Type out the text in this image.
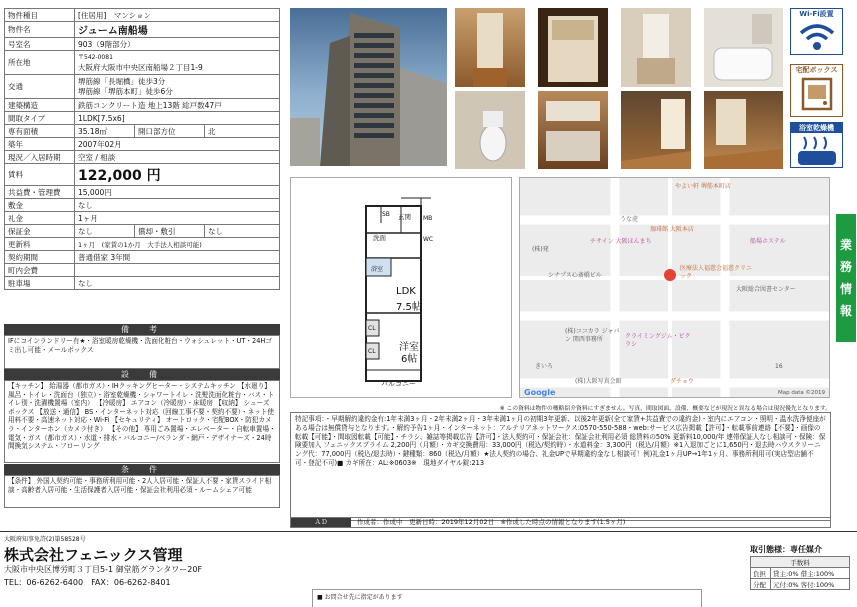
物件種目	[住居用]　マンション		
物件名	ジューム南船場		
号室名	903（9階部分）		
所在地	〒542-0081
大阪府大阪市中央区南船場２丁目1-9		

交通	堺筋線「長堀橋」徒歩3分
堺筋線「堺筋本町」徒歩6分		

建築構造	鉄筋コンクリート造 地上13階 総戸数47戸		
間取タイプ	1LDK[7.5x6]		
専有面積	35.18㎡	開口部方位	北
築年	2007年02月		
現況／入居時期	空室 / 相談		
賃料	122,000 円		
共益費・管理費	15,000円		
敷金	なし		
礼金	1ヶ月		
保証金	なし	償却・敷引	なし
更新料	1ヶ月　(家賃の1か月　大手法人相談可能)		
契約期間	普通借家 3年間		
町内会費			
駐車場	なし		
備　考
IFにコインランドリー有★・浴室暖房乾燥機・洗面化粧台・ウォシュレット・UT・24Hゴミ出し可能・メールボックス
設　備
【キッチン】 給湯器（都市ガス）・IHクッキングヒーター・システムキッチン 【水廻り】 風呂・トイレ・洗面台（独立）・浴室乾燥機・シャワートイレ・洗髪洗面化粧台・バス・トイレ別・洗濯機置場（室内） 【冷暖房】 エアコン（冷暖房）・床暖房 【収納】 シューズボックス 【放送・通信】 BS・インターネット対応（回線工事不要・契約不要）・ネット使用料不要・高速ネット対応・Wi-Fi 【セキュリティ】 オートロック・宅配BOX・防犯カメラ・インターホン（カメラ付き） 【その他】 専用ごみ置場・エレベーター・自転車置場・電気・ガス（都市ガス）・水道・排水・バルコニー/ベランダ・網戸・デザイナーズ・24時間換気システム・フローリング
条　件
【条件】 外国人契約可能・事務所利用可能・2人入居可能・保証人不要・家賃スライド相談・高齢者入居可能・生活保護者入居可能・保証会社利用必須・ルームシェア可能
Wi-Fi設置
宅配ボックス
浴室乾燥機
SB 玄関 MB
WC
洗面
浴室
LDK
7.5帖
洋室
6帖
CL
CL
バルコニー
やよい軒 堺筋本町店
うな虎
珈琲館 大阪本店
(株)発
チサイン 大阪ほんまち	船場ホステル
シナプス心斎橋ビル
医療法人福慈会福慈クリニック
大阪総合図書センター
(株)ココカラ ジャパン 関西事務所	クライミングジム・ビクラシ
(株)大阪写真会館	ダチョウ
きいろ	16
Google	Map data ©2019
※ この資料は物件の概略紹介資料にすぎません。写真、間取図面、設備、概要などが現況と異なる場合は現況優先となります。
特記事項：・早期解約違約金有:1年未満3ヶ月・2年未満2ヶ月・3年未満1ヶ月の初期3年更新、以後2年更新(全て家賃+共益費での違約金)・室内にエアコン・照明・温水洗浄便座がある場合は無償貸与となります。・解約予告1ヶ月・インターネット：アルテリアネットワークス:0570-550-588・web:サービス広告掲載【許可】・転載事前連絡【不要】・画像の転載【可能】・間取図転載【可能】・チラシ、雑誌等掲載広告【許可】・法人契約可・保証会社：保証会社利用必須 総賃料の50% 更新料10,000/年 連帯保証人なし相談可・保険：保険要加入 フェニックスプライム 2,200円（月額）・カギ交換費用：33,000円（税込/契約時）・水道料金：3,300円（税込/月額）※1入退加ごとに1,650円・退去時ハウスクリーニング代：77,000円（税込/退去時）・鍵種類：860（税込/月額）★法人契約の場合、礼金UPで早期違約金なし相談可！例)礼金1ヶ月UP→1年1ヶ月、事務所利用可(実店型店舗不可・登記不可)■ カギ所在：AL:※0603※　現地ダイヤル錠:213
ＡＤ	作成者：作成中　更新日時：2019年12月02日　※作成した時点の情報となります(1.5ヶ月)
業務情報
大阪府知事免許(2)第58528号
株式会社フェニックス管理
大阪市中央区博労町３丁目5-1 御堂筋グランタワー20F
TEL：06-6262-6400　FAX：06-6262-8401
■ お問合せ先に指定があります
取引態様：専任媒介
手数料	
負担	貸主:0% 借主:100%
分配	元付:0% 客付:100%
